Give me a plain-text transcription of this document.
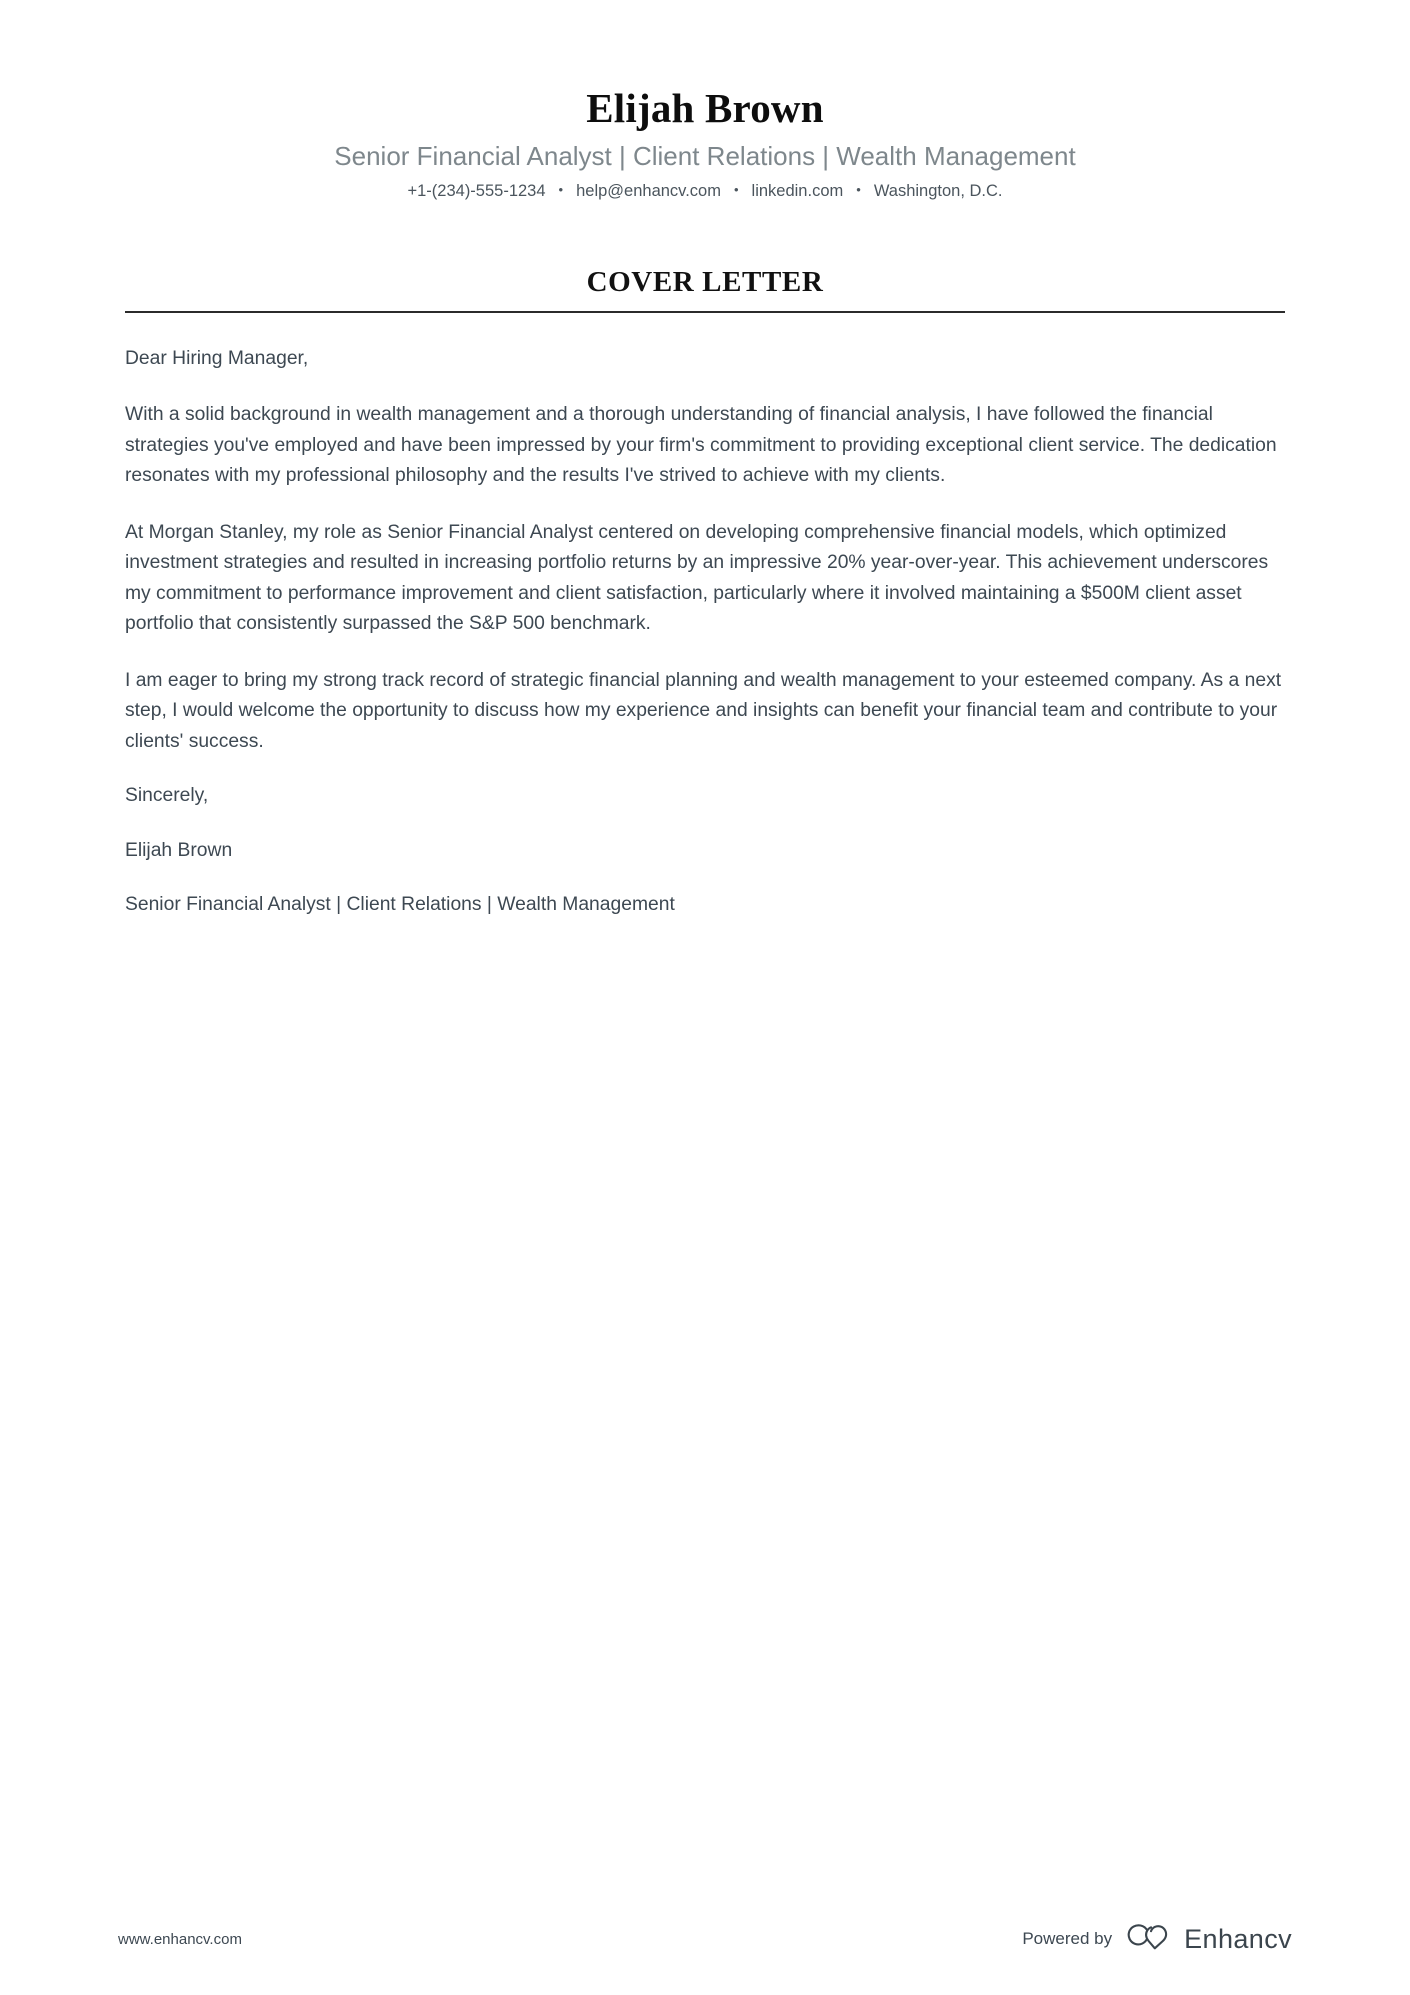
Elijah Brown
Senior Financial Analyst | Client Relations | Wealth Management
+1-(234)-555-1234 • help@enhancv.com • linkedin.com • Washington, D.C.
COVER LETTER

Dear Hiring Manager,

With a solid background in wealth management and a thorough understanding of financial analysis, I have followed the financial strategies you've employed and have been impressed by your firm's commitment to providing exceptional client service. The dedication resonates with my professional philosophy and the results I've strived to achieve with my clients.

At Morgan Stanley, my role as Senior Financial Analyst centered on developing comprehensive financial models, which optimized investment strategies and resulted in increasing portfolio returns by an impressive 20% year-over-year. This achievement underscores my commitment to performance improvement and client satisfaction, particularly where it involved maintaining a $500M client asset portfolio that consistently surpassed the S&P 500 benchmark.

I am eager to bring my strong track record of strategic financial planning and wealth management to your esteemed company. As a next step, I would welcome the opportunity to discuss how my experience and insights can benefit your financial team and contribute to your clients' success.

Sincerely,

Elijah Brown

Senior Financial Analyst | Client Relations | Wealth Management

www.enhancv.com	Powered by	Enhancv
